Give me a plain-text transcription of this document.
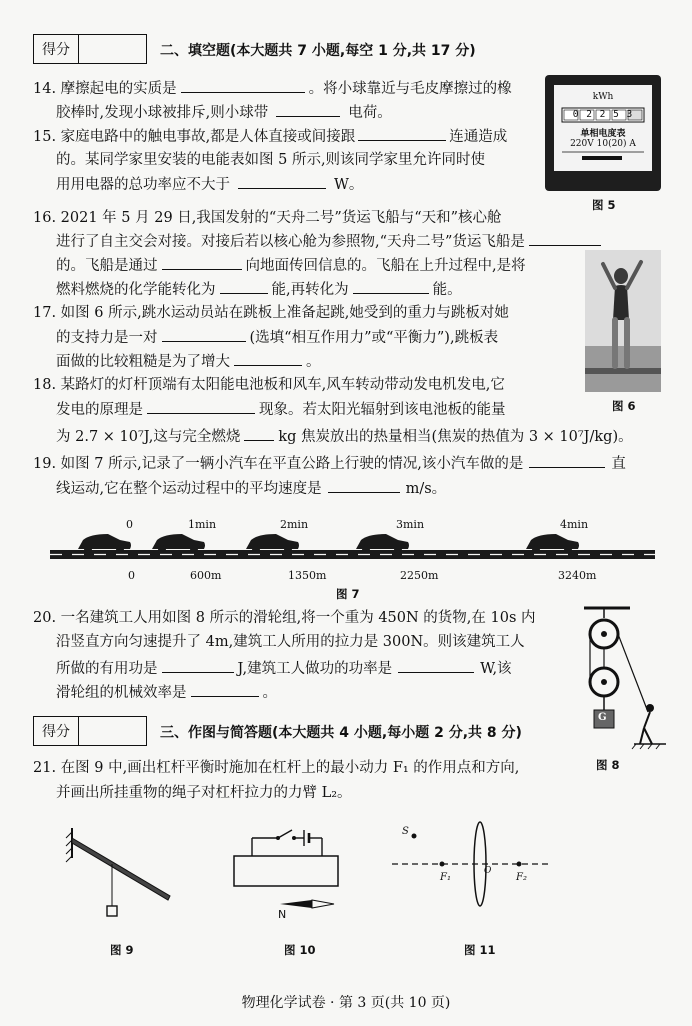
得分	二、填空题(本大题共 7 小题,每空 1 分,共 17 分)
14. 摩擦起电的实质是	。将小球靠近与毛皮摩擦过的橡
胶棒时,发现小球被排斥,则小球带	电荷。
15. 家庭电路中的触电事故,都是人体直接或间接跟	连通造成
的。某同学家里安装的电能表如图 5 所示,则该同学家里允许同时使
用用电器的总功率应不大于	W。
kWh
0 2 2 5 3
单相电度表
220V 10(20) A
图 5
16. 2021 年 5 月 29 日,我国发射的“天舟二号”货运飞船与“天和”核心舱
进行了自主交会对接。对接后若以核心舱为参照物,“天舟二号”货运飞船是
的。飞船是通过	向地面传回信息的。飞船在上升过程中,是将
燃料燃烧的化学能转化为	能,再转化为	能。
图 6
17. 如图 6 所示,跳水运动员站在跳板上准备起跳,她受到的重力与跳板对她
的支持力是一对	(选填“相互作用力”或“平衡力”),跳板表
面做的比较粗糙是为了增大	。
18. 某路灯的灯杆顶端有太阳能电池板和风车,风车转动带动发电机发电,它
发电的原理是	现象。若太阳光辐射到该电池板的能量
为 2.7 × 10⁷J,这与完全燃烧	kg 焦炭放出的热量相当(焦炭的热值为 3 × 10⁷J/kg)。
19. 如图 7 所示,记录了一辆小汽车在平直公路上行驶的情况,该小汽车做的是	直
线运动,它在整个运动过程中的平均速度是	m/s。
0	1min	2min	3min	4min
0	600m	1350m	2250m	3240m
图 7
20. 一名建筑工人用如图 8 所示的滑轮组,将一个重为 450N 的货物,在 10s 内
沿竖直方向匀速提升了 4m,建筑工人所用的拉力是 300N。则该建筑工人
所做的有用功是	J,建筑工人做功的功率是	W,该
滑轮组的机械效率是	。
G
图 8
得分	三、作图与简答题(本大题共 4 小题,每小题 2 分,共 8 分)
21. 在图 9 中,画出杠杆平衡时施加在杠杆上的最小动力 F₁ 的作用点和方向,
并画出所挂重物的绳子对杠杆拉力的力臂 L₂。
图 9
N
图 10
S
O
F₁	F₂
图 11
物理化学试卷 · 第 3 页(共 10 页)
